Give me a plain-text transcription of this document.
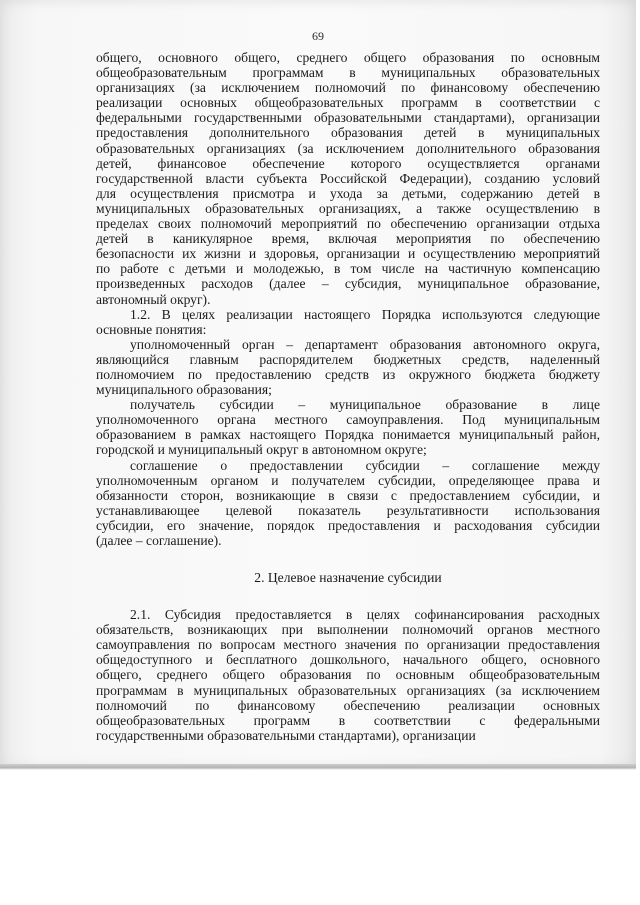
69
общего, основного общего, среднего общего образования по основным
общеобразовательным программам в муниципальных образовательных
организациях (за исключением полномочий по финансовому обеспечению
реализации основных общеобразовательных программ в соответствии с
федеральными государственными образовательными стандартами), организации
предоставления дополнительного образования детей в муниципальных
образовательных организациях (за исключением дополнительного образования
детей, финансовое обеспечение которого осуществляется органами
государственной власти субъекта Российской Федерации), созданию условий
для осуществления присмотра и ухода за детьми, содержанию детей в
муниципальных образовательных организациях, а также осуществлению в
пределах своих полномочий мероприятий по обеспечению организации отдыха
детей в каникулярное время, включая мероприятия по обеспечению
безопасности их жизни и здоровья, организации и осуществлению мероприятий
по работе с детьми и молодежью, в том числе на частичную компенсацию
произведенных расходов (далее – субсидия, муниципальное образование,
автономный округ).
1.2. В целях реализации настоящего Порядка используются следующие
основные понятия:
уполномоченный орган – департамент образования автономного округа,
являющийся главным распорядителем бюджетных средств, наделенный
полномочием по предоставлению средств из окружного бюджета бюджету
муниципального образования;
получатель субсидии – муниципальное образование в лице
уполномоченного органа местного самоуправления. Под муниципальным
образованием в рамках настоящего Порядка понимается муниципальный район,
городской и муниципальный округ в автономном округе;
соглашение о предоставлении субсидии – соглашение между
уполномоченным органом и получателем субсидии, определяющее права и
обязанности сторон, возникающие в связи с предоставлением субсидии, и
устанавливающее целевой показатель результативности использования
субсидии, его значение, порядок предоставления и расходования субсидии
(далее – соглашение).
2. Целевое назначение субсидии
2.1. Субсидия предоставляется в целях софинансирования расходных
обязательств, возникающих при выполнении полномочий органов местного
самоуправления по вопросам местного значения по организации предоставления
общедоступного и бесплатного дошкольного, начального общего, основного
общего, среднего общего образования по основным общеобразовательным
программам в муниципальных образовательных организациях (за исключением
полномочий по финансовому обеспечению реализации основных
общеобразовательных программ в соответствии с федеральными
государственными образовательными стандартами), организации
